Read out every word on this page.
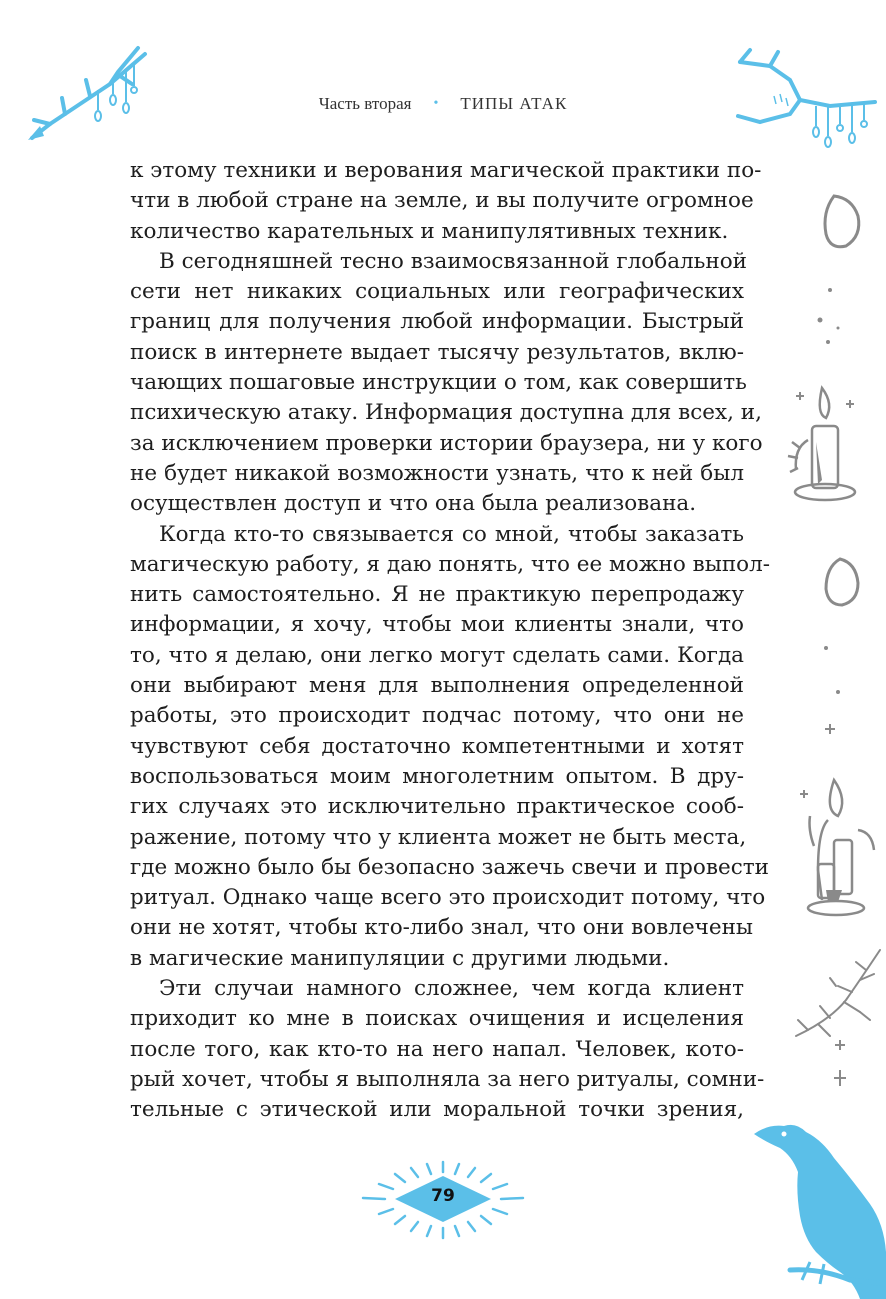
Часть вторая • ТИПЫ АТАК
к этому техники и верования магической практики по-
чти в любой стране на земле, и вы получите огромное
количество карательных и манипулятивных техник.
В сегодняшней тесно взаимосвязанной глобальной
сети нет никаких социальных или географических
границ для получения любой информации. Быстрый
поиск в интернете выдает тысячу результатов, вклю-
чающих пошаговые инструкции о том, как совершить
психическую атаку. Информация доступна для всех, и,
за исключением проверки истории браузера, ни у кого
не будет никакой возможности узнать, что к ней был
осуществлен доступ и что она была реализована.
Когда кто-то связывается со мной, чтобы заказать
магическую работу, я даю понять, что ее можно выпол-
нить самостоятельно. Я не практикую перепродажу
информации, я хочу, чтобы мои клиенты знали, что
то, что я делаю, они легко могут сделать сами. Когда
они выбирают меня для выполнения определенной
работы, это происходит подчас потому, что они не
чувствуют себя достаточно компетентными и хотят
воспользоваться моим многолетним опытом. В дру-
гих случаях это исключительно практическое сооб-
ражение, потому что у клиента может не быть места,
где можно было бы безопасно зажечь свечи и провести
ритуал. Однако чаще всего это происходит потому, что
они не хотят, чтобы кто-либо знал, что они вовлечены
в магические манипуляции с другими людьми.
Эти случаи намного сложнее, чем когда клиент
приходит ко мне в поисках очищения и исцеления
после того, как кто-то на него напал. Человек, кото-
рый хочет, чтобы я выполняла за него ритуалы, сомни-
тельные с этической или моральной точки зрения,
79
